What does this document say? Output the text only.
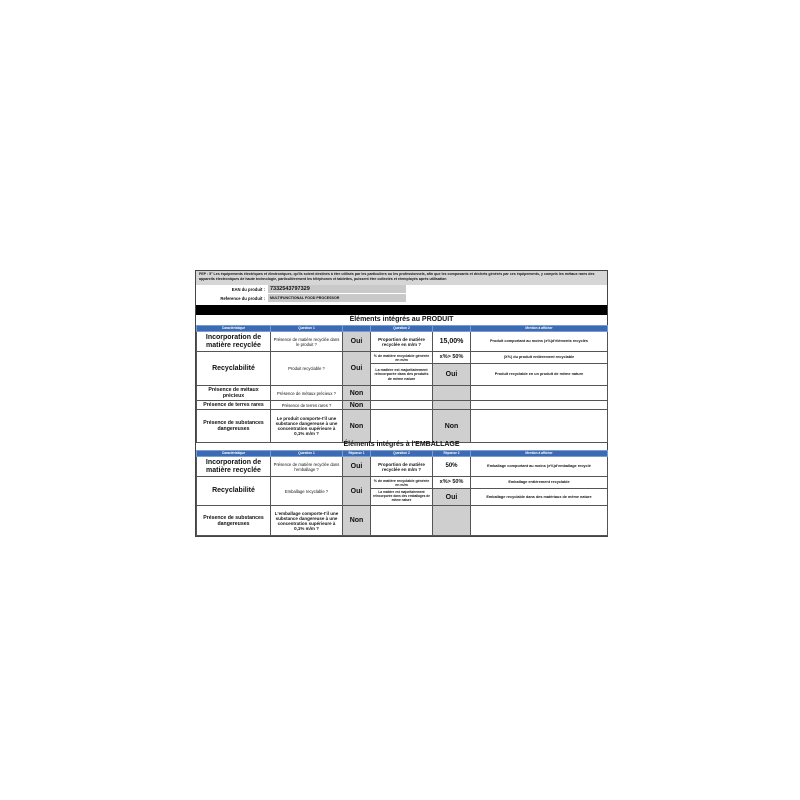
FEP : 5° Les équipements électriques et électroniques, qu'ils soient destinés à être utilisés par les particuliers ou les professionnels, afin que les composants et déchets générés par ces équipements, y compris les métaux rares des appareils électroniques de haute technologie, particulièrement les téléphones et tablettes, puissent être collectés et réemployés après utilisation
EAN du produit : 7332543797329
Reference du produit :	MULTIFUNCTIONAL FOOD PROCESSOR
Éléments intégrés au PRODUIT
Caractéristique	Question 1		Question 2		Mention à afficher
Incorporation de matière recyclée	Présence de matière recyclée dans le produit ?	Oui	Proportion de matière recyclée en m/m ?	15,00%	Produit comportant au moins (x%)d'éléments recyclés
Recyclabilité	Produit recyclable ?	Oui	% de matière recyclable générée en m/m	x%> 50%	(X%) du produit entièrement recyclable
			La matière est majoritairement réincorporée dans des produits de même nature	Oui	Produit recyclable en un produit de même nature
Présence de métaux précieux	Présence de métaux précieux ?	Non			
Présence de terres rares	Présence de terres rares ?	Non			
Présence de substances dangereuses	Le produit comporte-t'il une substance dangereuse à une concentration supérieure à 0,1% m/m ?	Non		Non	
Éléments intégrés à l'EMBALLAGE
Caractéristique	Question 1	Réponse 1	Question 2	Réponse 2	Mention à afficher
Incorporation de matière recyclée	Présence de matière recyclée dans l'emballage ?	Oui	Proportion de matière recyclée en m/m ?	50%	Emballage comportant au moins (x%)d'emballage recyclé
Recyclabilité	Emballage recyclable ?	Oui	% de matière recyclable générée en m/m	x%> 50%	Emballage entièrement recyclable
			La matière est majoritairement réincorporée dans des emballages de même nature	Oui	Emballage recyclable dans des matériaux de même nature
Présence de substances dangereuses	L'emballage comporte-t'il une substance dangereuse à une concentration supérieure à 0,1% m/m ?	Non			
